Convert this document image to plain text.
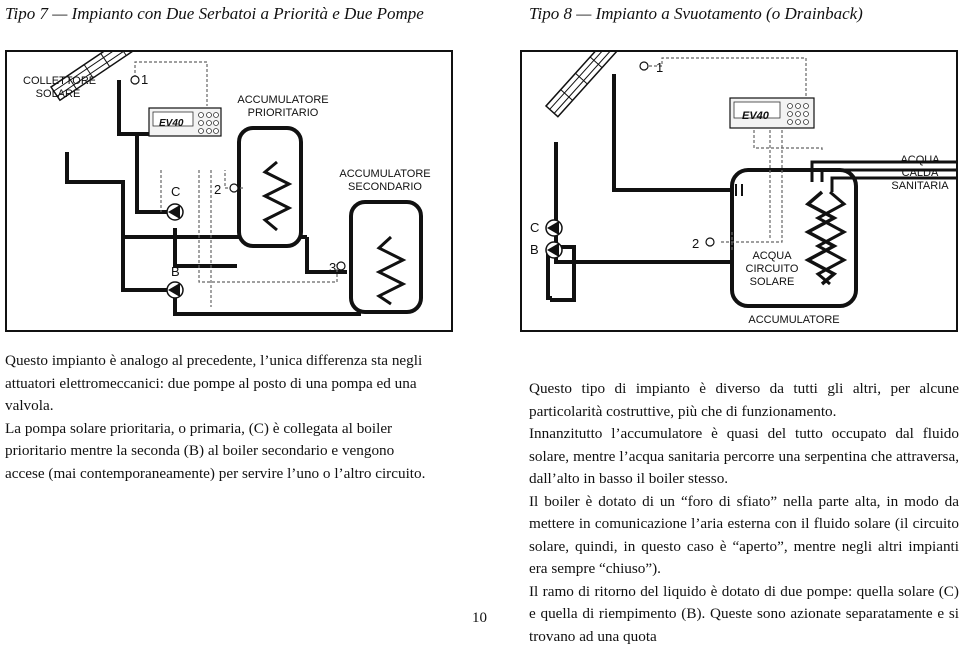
Tipo 7 — Impianto con Due Serbatoi a Priorità e Due Pompe	Tipo 8 — Impianto a Svuotamento (o Drainback)
COLLETTORE SOLARE	ACCUMULATORE PRIORITARIO
ACCUMULATORE SECONDARIO
1
2
3
C
B
EV40
1
2
C
B
ACQUA CALDA SANITARIA
ACQUA CIRCUITO SOLARE
ACCUMULATORE
EV40

Questo impianto è analogo al precedente, l’unica differenza sta negli attuatori elettromeccanici: due pompe al posto di una pompa ed una valvola.

La pompa solare prioritaria, o primaria, (C) è collegata al boiler prioritario mentre la seconda (B) al boiler secondario e vengono accese (mai contemporaneamente) per servire l’uno o l’altro circuito.

Questo tipo di impianto è diverso da tutti gli altri, per alcune particolarità costruttive, più che di funzionamento.

Innanzitutto l’accumulatore è quasi del tutto occupato dal fluido solare, mentre l’acqua sanitaria percorre una serpentina che attraversa, dall’alto in basso il boiler stesso.

Il boiler è dotato di un “foro di sfiato” nella parte alta, in modo da mettere in comunicazione l’aria esterna con il fluido solare (il circuito solare, quindi, in questo caso è “aperto”, mentre negli altri impianti era sempre “chiuso”).

Il ramo di ritorno del liquido è dotato di due pompe: quella solare (C) e quella di riempimento (B). Queste sono azionate separatamente e si trovano ad una quota

10
